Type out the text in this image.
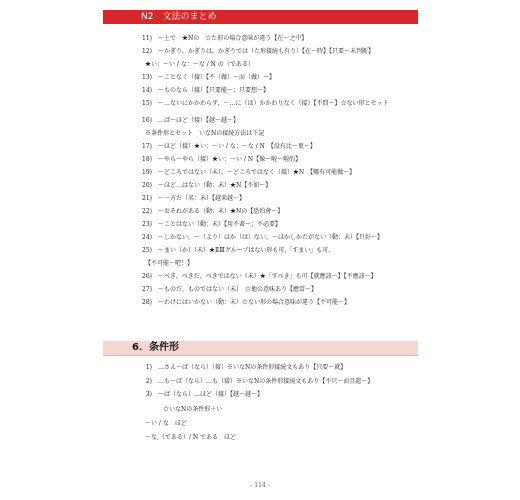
N2　文法のまとめ
11) ～上で　★Nの　☆た形の場合意味が違う【在～之中】
12) ～かぎり，かぎりは，かぎりでは（た形接続も有り）【在～時】【只要～未判断】
★い：～い / な：～な / N の（である）
13) ～ことなく（接）【不（做）～而（做）～】
14) ～ものなら（接）【只要能～；只要想～】
15) ～…ないにかかわらず，～…に（は）かかわりなく（接）【不問～】☆ない形とセット
16) …ば～ほど（接）【越～越～】
※条件形とセット　いなNの接続方法は下記
17) ～ほど（接）★い：～い / な：～な / N　【没有比～更～】
18) ～やら～やら（接）★い：～い / N【像～啦～啦的】
19) ～どころではない（未），～どころではなく（接）★N　【哪有可能做～】
20) ～ほど…はない（動：未）★N【不如～】
21) ～一方だ（名：未）【越来越～】
22) ～おそれがある（動：未）★Nの【恐怕會～】
23) ～ことはない（動：未）【用不著～；不必要】
24) ～しかない，～（より）ほか（は）ない，～ほかしかたがない（動：未）【只好～】
25) ～まい（か）（未）★ⅡⅢグループはない形も可,「すまい」も可。
【不可能～吧！】
26) ～べき，べきだ，べきではない（未）★「すべき」も可【就應該～】【不應該～】
27) ～ものだ，ものではない（未）　☆他の意味あり【應當～】
28) ～わけにはいかない（動：未）☆ない形の場合意味が違う【不可能～】
6．条件形
1) …さえ～ば（なら）（接）※いなNの条件形接続文もあり【只要～就】
2) …も～ば（なら）…も（接）※いなNの条件形接続文もあり【不只～而且還～】
3) ～ば（なら）…ほど（接）【越～越～】
☆いなNの条件形＋い
～い / な　ほど
～な,（である）/ N である　ほど
- 114 -
